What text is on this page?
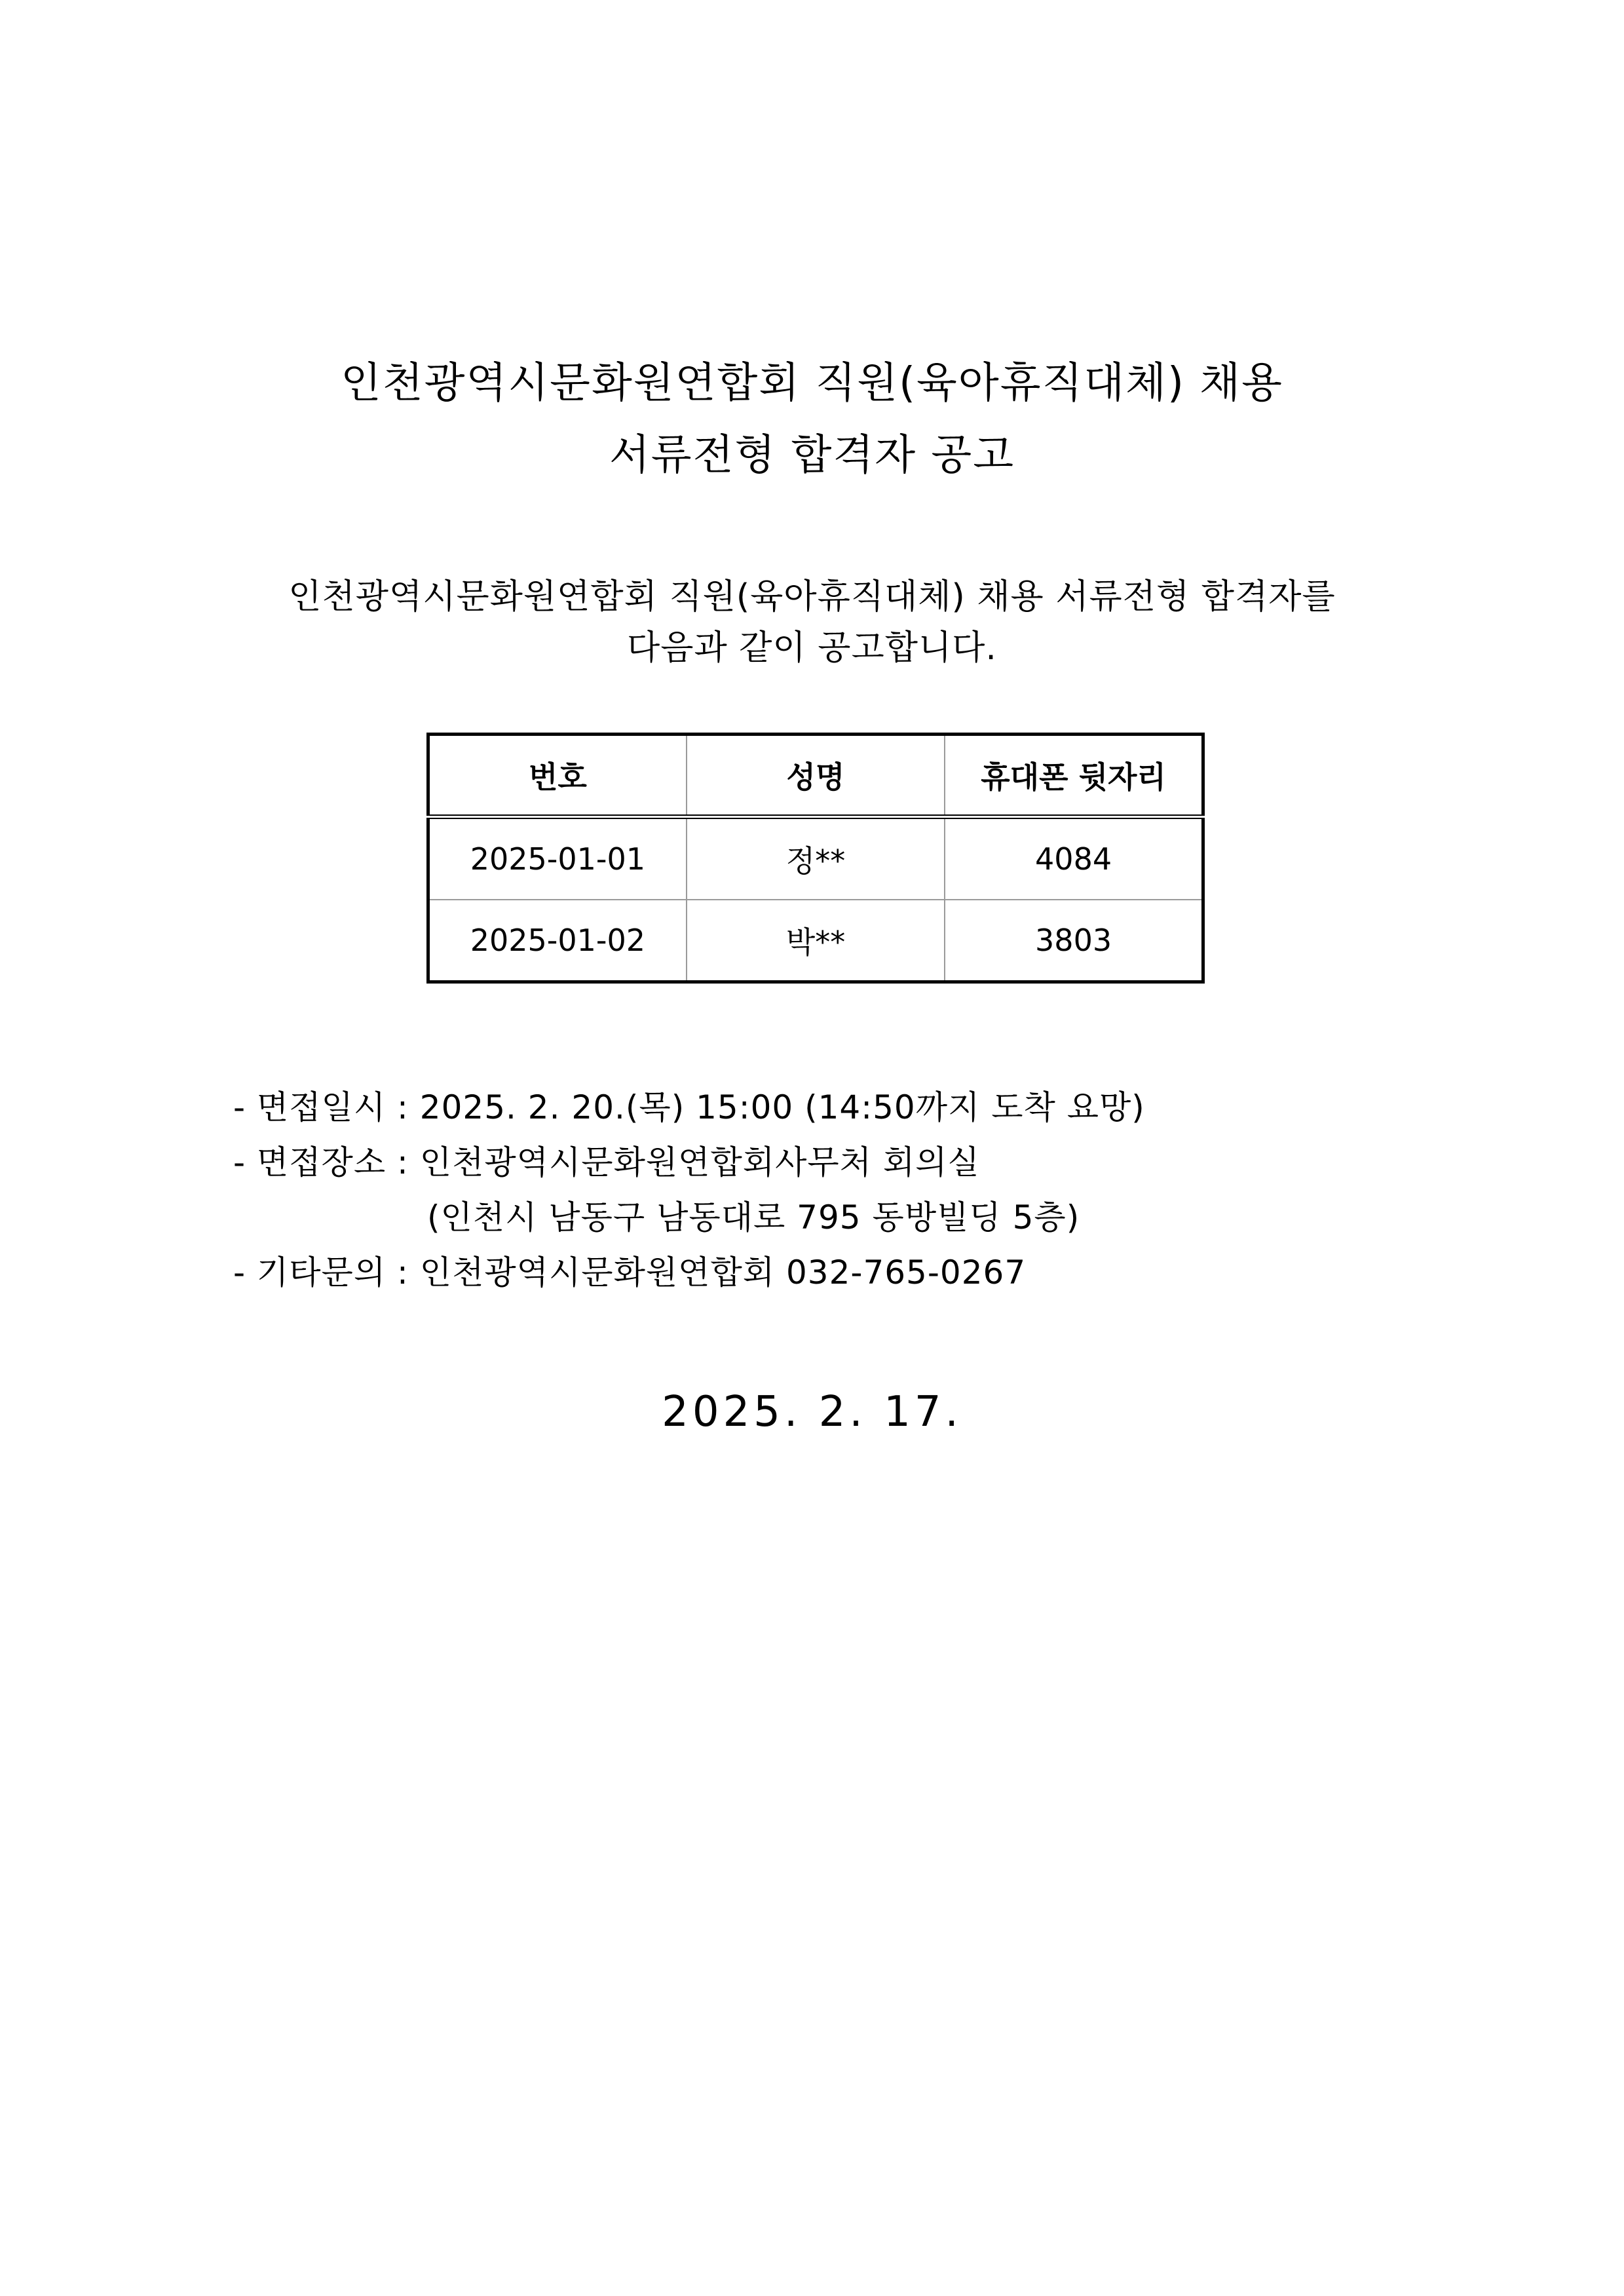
인천광역시문화원연합회 직원(육아휴직대체) 채용
서류전형 합격자 공고
인천광역시문화원연합회 직원(육아휴직대체) 채용 서류전형 합격자를
다음과 같이 공고합니다.
번호	성명	휴대폰 뒷자리
2025-01-01	정**	4084
2025-01-02	박**	3803
- 면접일시 : 2025. 2. 20.(목) 15:00 (14:50까지 도착 요망)
- 면접장소 : 인천광역시문화원연합회사무처 회의실
(인천시 남동구 남동대로 795 동방빌딩 5층)
- 기타문의 : 인천광역시문화원연합회 032-765-0267
2025. 2. 17.
